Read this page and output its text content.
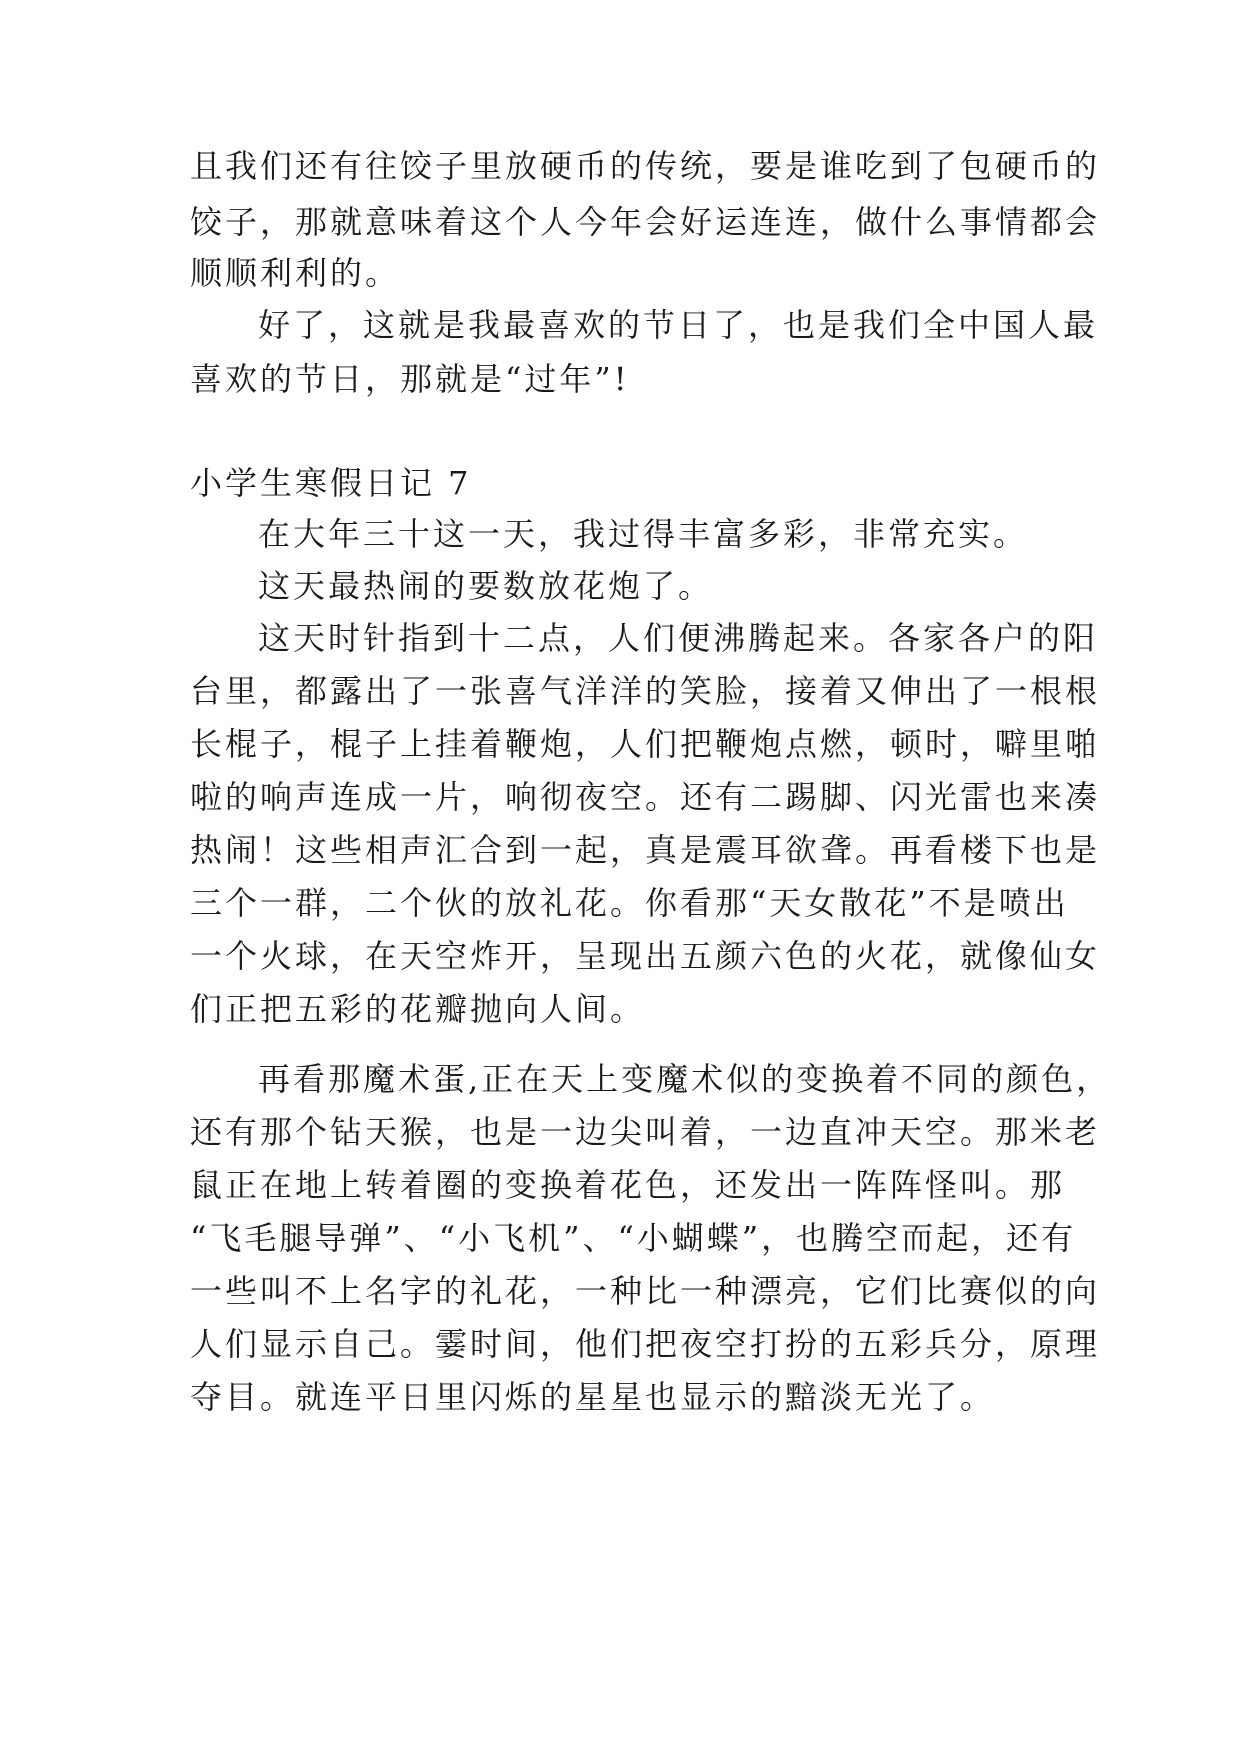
且我们还有往饺子里放硬币的传统，要是谁吃到了包硬币的
饺子，那就意味着这个人今年会好运连连，做什么事情都会
顺顺利利的。
好了，这就是我最喜欢的节日了，也是我们全中国人最
喜欢的节日，那就是“过年”!
小学生寒假日记 7
在大年三十这一天，我过得丰富多彩，非常充实。
这天最热闹的要数放花炮了。
这天时针指到十二点，人们便沸腾起来。各家各户的阳
台里，都露出了一张喜气洋洋的笑脸，接着又伸出了一根根
长棍子，棍子上挂着鞭炮，人们把鞭炮点燃，顿时，噼里啪
啦的响声连成一片，响彻夜空。还有二踢脚、闪光雷也来凑
热闹！这些相声汇合到一起，真是震耳欲聋。再看楼下也是
三个一群，二个伙的放礼花。你看那“天女散花”不是喷出
一个火球，在天空炸开，呈现出五颜六色的火花，就像仙女
们正把五彩的花瓣抛向人间。
再看那魔术蛋,正在天上变魔术似的变换着不同的颜色，
还有那个钻天猴，也是一边尖叫着，一边直冲天空。那米老
鼠正在地上转着圈的变换着花色，还发出一阵阵怪叫。那
“飞毛腿导弹”、“小飞机”、“小蝴蝶”，也腾空而起，还有
一些叫不上名字的礼花，一种比一种漂亮，它们比赛似的向
人们显示自己。霎时间，他们把夜空打扮的五彩兵分，原理
夺目。就连平日里闪烁的星星也显示的黯淡无光了。
